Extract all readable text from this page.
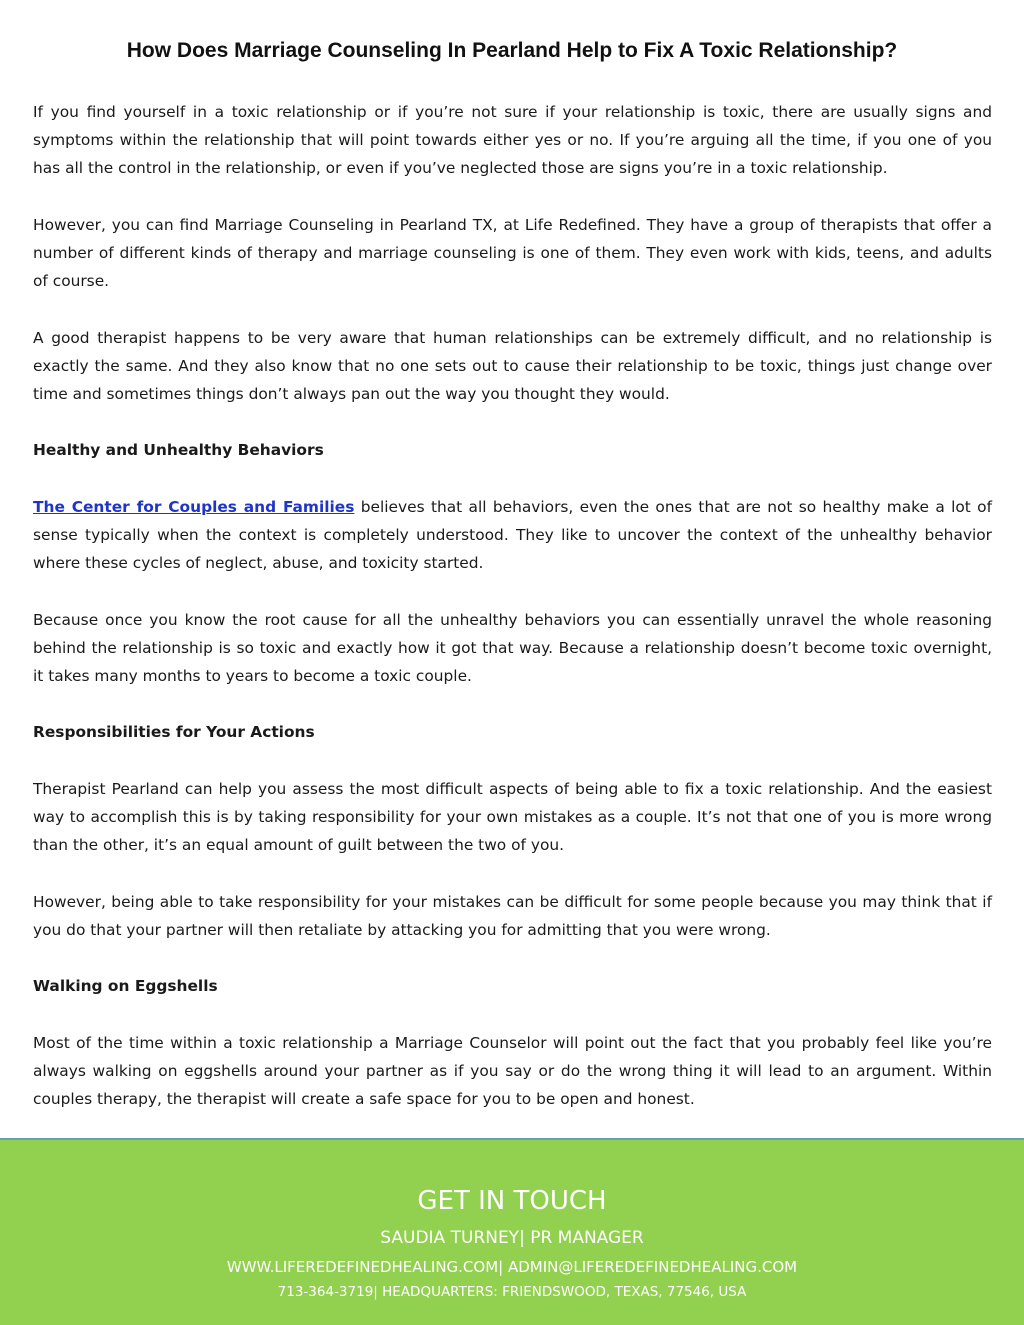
How Does Marriage Counseling In Pearland Help to Fix A Toxic Relationship?

If you find yourself in a toxic relationship or if you’re not sure if your relationship is toxic, there are usually signs and symptoms within the relationship that will point towards either yes or no. If you’re arguing all the time, if you one of you has all the control in the relationship, or even if you’ve neglected those are signs you’re in a toxic relationship.

However, you can find Marriage Counseling in Pearland TX, at Life Redefined. They have a group of therapists that offer a number of different kinds of therapy and marriage counseling is one of them. They even work with kids, teens, and adults of course.

A good therapist happens to be very aware that human relationships can be extremely difficult, and no relationship is exactly the same. And they also know that no one sets out to cause their relationship to be toxic, things just change over time and sometimes things don’t always pan out the way you thought they would.

Healthy and Unhealthy Behaviors

The Center for Couples and Families believes that all behaviors, even the ones that are not so healthy make a lot of sense typically when the context is completely understood. They like to uncover the context of the unhealthy behavior where these cycles of neglect, abuse, and toxicity started.

Because once you know the root cause for all the unhealthy behaviors you can essentially unravel the whole reasoning behind the relationship is so toxic and exactly how it got that way. Because a relationship doesn’t become toxic overnight, it takes many months to years to become a toxic couple.

Responsibilities for Your Actions

Therapist Pearland can help you assess the most difficult aspects of being able to fix a toxic relationship. And the easiest way to accomplish this is by taking responsibility for your own mistakes as a couple. It’s not that one of you is more wrong than the other, it’s an equal amount of guilt between the two of you.

However, being able to take responsibility for your mistakes can be difficult for some people because you may think that if you do that your partner will then retaliate by attacking you for admitting that you were wrong.

Walking on Eggshells

Most of the time within a toxic relationship a Marriage Counselor will point out the fact that you probably feel like you’re always walking on eggshells around your partner as if you say or do the wrong thing it will lead to an argument. Within couples therapy, the therapist will create a safe space for you to be open and honest.

GET IN TOUCH
SAUDIA TURNEY| PR MANAGER
WWW.LIFEREDEFINEDHEALING.COM| ADMIN@LIFEREDEFINEDHEALING.COM
713-364-3719| HEADQUARTERS: FRIENDSWOOD, TEXAS, 77546, USA
